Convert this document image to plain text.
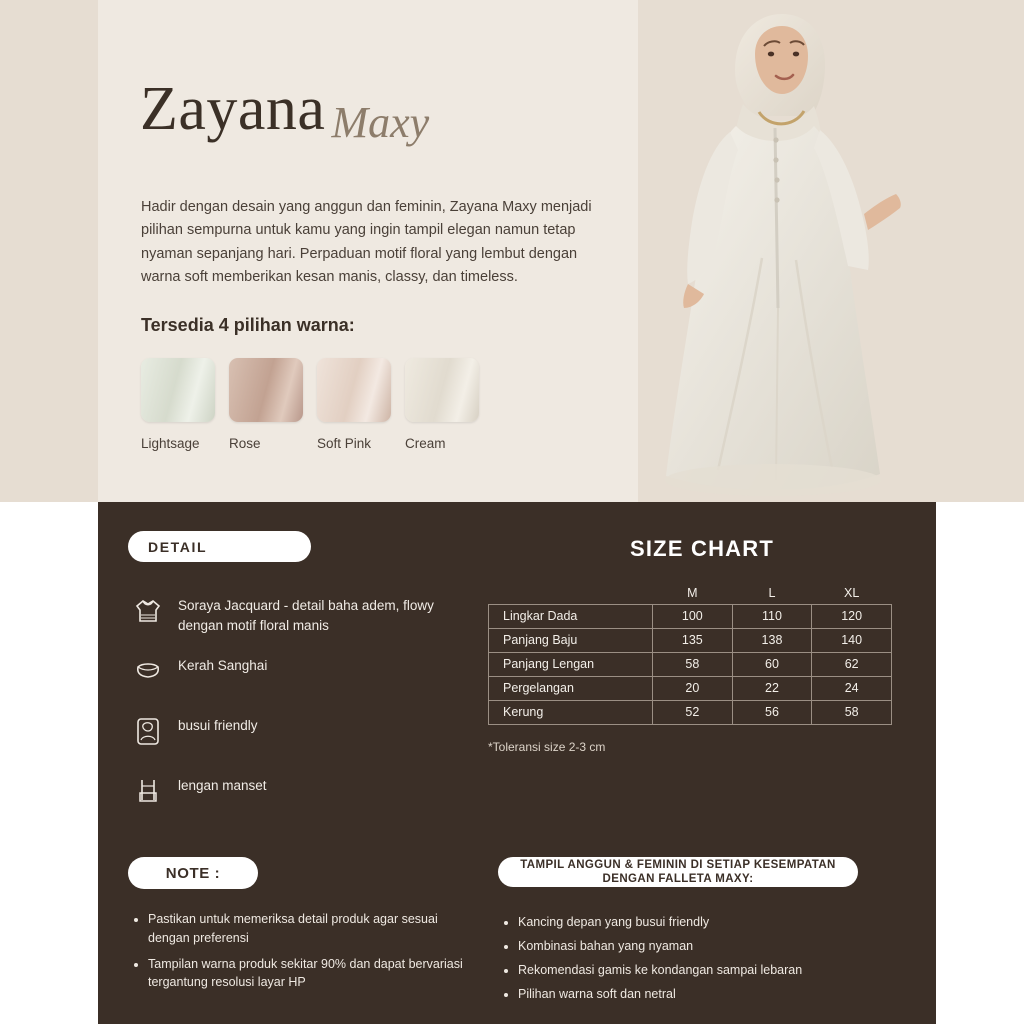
Zayana Maxy
Hadir dengan desain yang anggun dan feminin, Zayana Maxy menjadi pilihan sempurna untuk kamu yang ingin tampil elegan namun tetap nyaman sepanjang hari. Perpaduan motif floral yang lembut dengan warna soft memberikan kesan manis, classy, dan timeless.
Tersedia 4 pilihan warna:
Lightsage Rose	Soft Pink	Cream
DETAIL
Soraya Jacquard - detail baha adem, flowy dengan motif floral manis
Kerah Sanghai
busui friendly
lengan manset
SIZE CHART
	M	L	XL
Lingkar Dada	100	110	120
Panjang Baju	135	138	140
Panjang Lengan	58	60	62
Pergelangan	20	22	24
Kerung	52	56	58
*Toleransi size 2-3 cm
NOTE :
• Pastikan untuk memeriksa detail produk agar sesuai dengan preferensi
• Tampilan warna produk sekitar 90% dan dapat bervariasi tergantung resolusi layar HP
TAMPIL ANGGUN & FEMININ DI SETIAP KESEMPATAN
DENGAN FALLETA MAXY:
• Kancing depan yang busui friendly
• Kombinasi bahan yang nyaman
• Rekomendasi gamis ke kondangan sampai lebaran
• Pilihan warna soft dan netral
